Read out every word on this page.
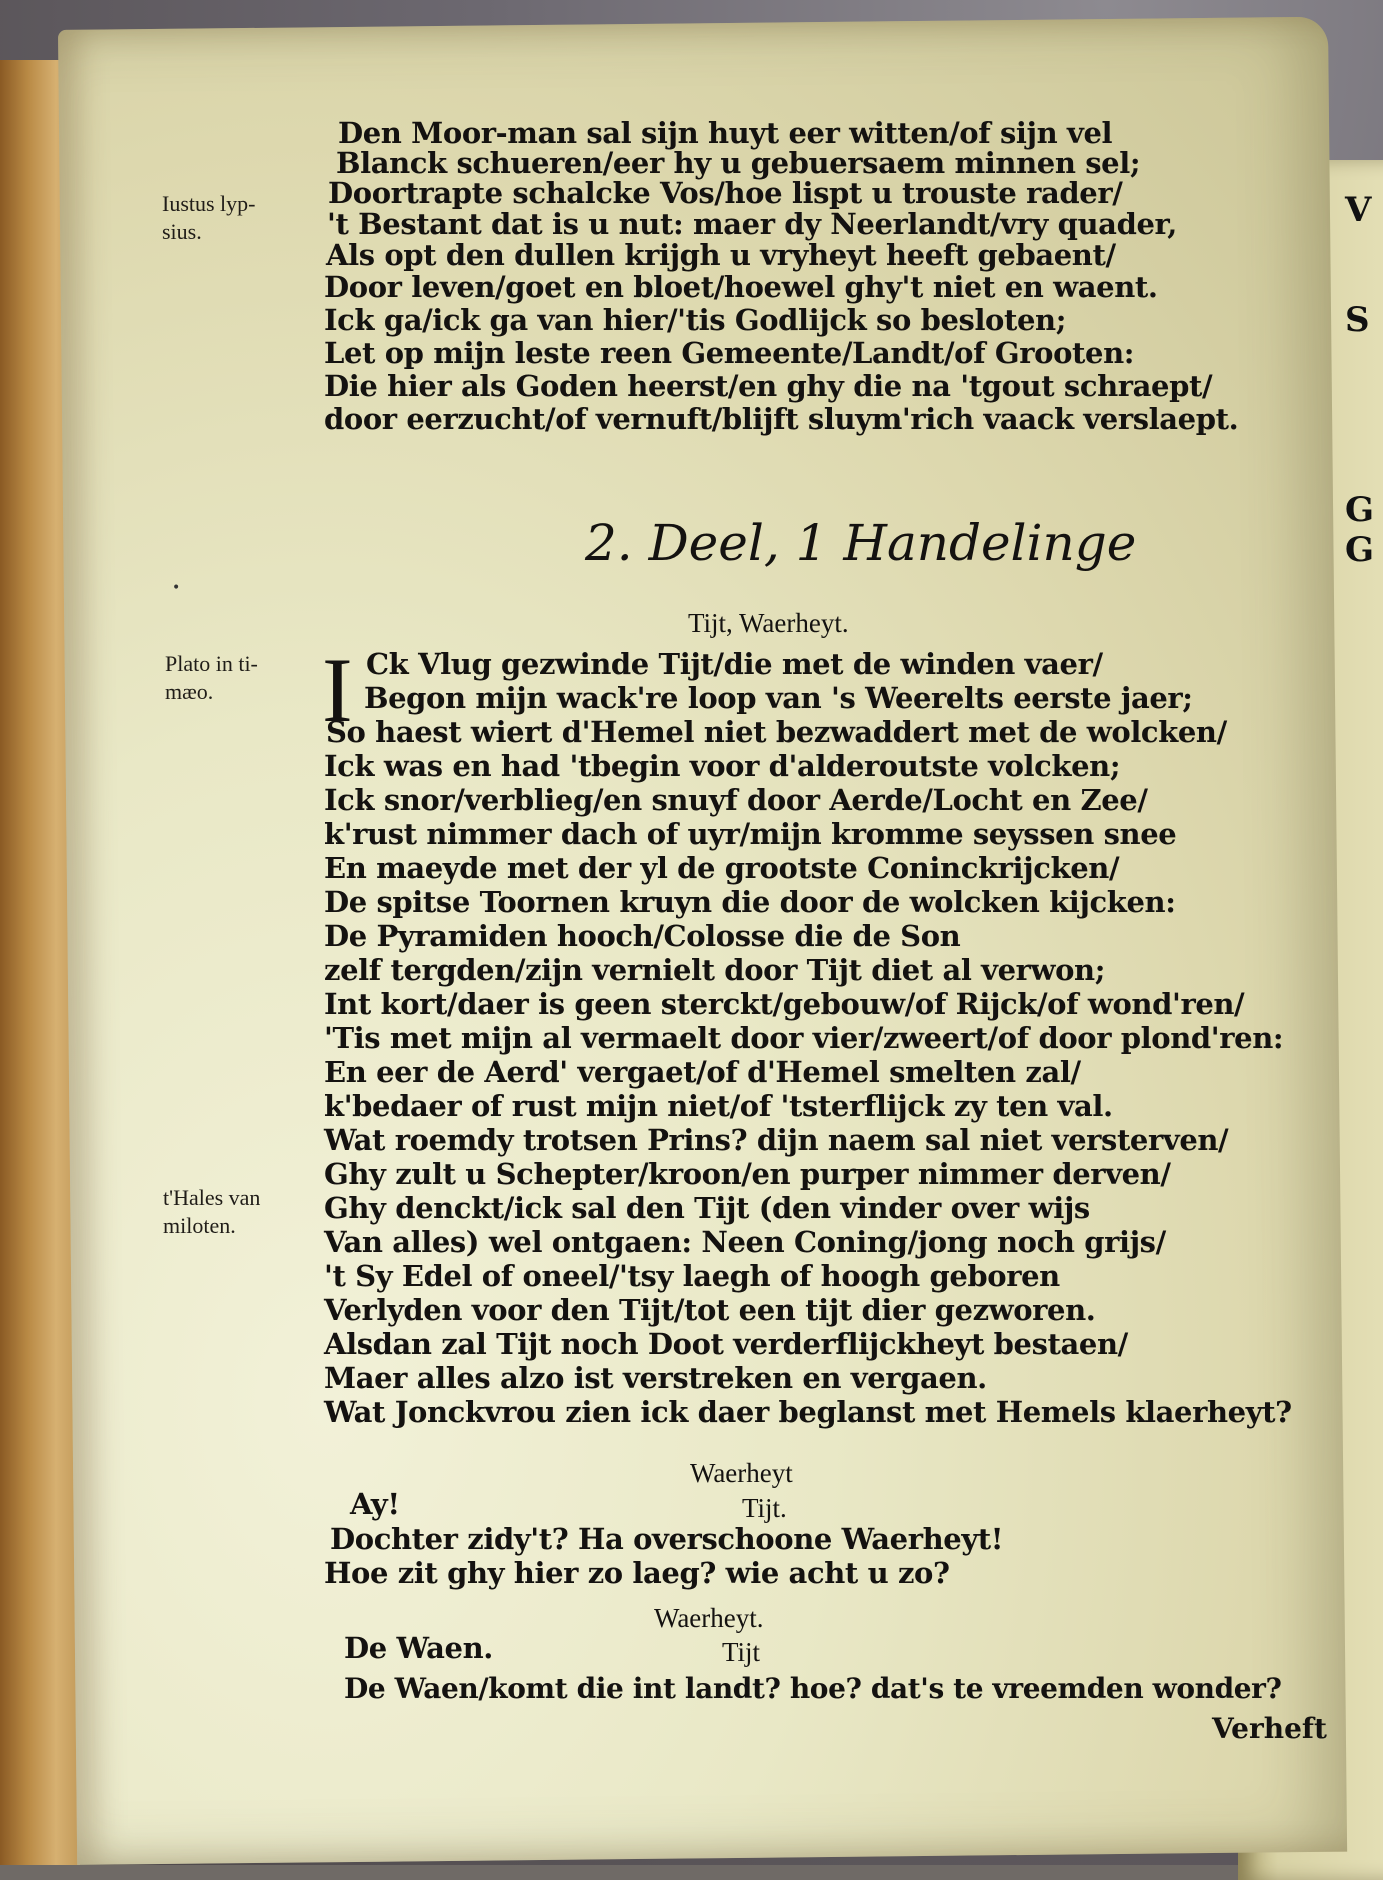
V
S
G
G
Iustus lyp-
sius.
Plato in ti-
mæo.
t'Hales van
miloten.
Den Moor-man sal sijn huyt eer witten/of sijn vel
Blanck schueren/eer hy u gebuersaem minnen sel;
Doortrapte schalcke Vos/hoe lispt u trouste rader/
't Bestant dat is u nut: maer dy Neerlandt/vry quader,
Als opt den dullen krijgh u vryheyt heeft gebaent/
Door leven/goet en bloet/hoewel ghy't niet en waent.
Ick ga/ick ga van hier/'tis Godlijck so besloten;
Let op mijn leste reen Gemeente/Landt/of Grooten:
Die hier als Goden heerst/en ghy die na 'tgout schraept/
door eerzucht/of vernuft/blijft sluym'rich vaack verslaept.
2. Deel, 1 Handelinge
•
Tijt, Waerheyt.
I Ck Vlug gezwinde Tijt/die met de winden vaer/
Begon mijn wack're loop van 's Weerelts eerste jaer;
So haest wiert d'Hemel niet bezwaddert met de wolcken/
Ick was en had 'tbegin voor d'alderoutste volcken;
Ick snor/verblieg/en snuyf door Aerde/Locht en Zee/
k'rust nimmer dach of uyr/mijn kromme seyssen snee
En maeyde met der yl de grootste Coninckrijcken/
De spitse Toornen kruyn die door de wolcken kijcken:
De Pyramiden hooch/Colosse die de Son
zelf tergden/zijn vernielt door Tijt diet al verwon;
Int kort/daer is geen sterckt/gebouw/of Rijck/of wond'ren/
'Tis met mijn al vermaelt door vier/zweert/of door plond'ren:
En eer de Aerd' vergaet/of d'Hemel smelten zal/
k'bedaer of rust mijn niet/of 'tsterflijck zy ten val.
Wat roemdy trotsen Prins? dijn naem sal niet versterven/
Ghy zult u Schepter/kroon/en purper nimmer derven/
Ghy denckt/ick sal den Tijt (den vinder over wijs
Van alles) wel ontgaen: Neen Coning/jong noch grijs/
't Sy Edel of oneel/'tsy laegh of hoogh geboren
Verlyden voor den Tijt/tot een tijt dier gezworen.
Alsdan zal Tijt noch Doot verderflijckheyt bestaen/
Maer alles alzo ist verstreken en vergaen.
Wat Jonckvrou zien ick daer beglanst met Hemels klaerheyt?
Waerheyt
Ay!	Tijt.
Dochter zidy't? Ha overschoone Waerheyt!
Hoe zit ghy hier zo laeg? wie acht u zo?
Waerheyt.
De Waen.	Tijt
De Waen/komt die int landt? hoe? dat's te vreemden wonder?
Verheft
